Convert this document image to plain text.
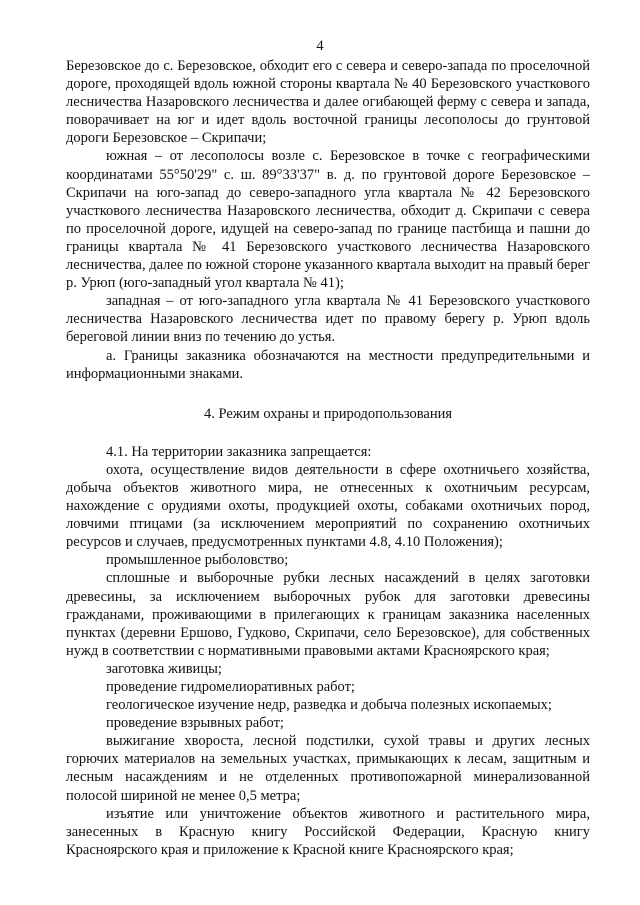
4

Березовское до с. Березовское, обходит его с севера и северо-запада по проселочной дороге, проходящей вдоль южной стороны квартала № 40 Березовского участкового лесничества Назаровского лесничества и далее огибающей ферму с севера и запада, поворачивает на юг и идет вдоль восточной границы лесополосы до грунтовой дороги Березовское – Скрипачи;

южная – от лесополосы возле с. Березовское в точке с географическими координатами 55°50'29" с. ш. 89°33'37" в. д. по грунтовой дороге Березовское – Скрипачи на юго-запад до северо-западного угла квартала № 42 Березовского участкового лесничества Назаровского лесничества, обходит д. Скрипачи с севера по проселочной дороге, идущей на северо-запад по границе пастбища и пашни до границы квартала № 41 Березовского участкового лесничества Назаровского лесничества, далее по южной стороне указанного квартала выходит на правый берег р. Урюп (юго-западный угол квартала № 41);

западная – от юго-западного угла квартала № 41 Березовского участкового лесничества Назаровского лесничества идет по правому берегу р. Урюп вдоль береговой линии вниз по течению до устья.

a. Границы заказника обозначаются на местности предупредительными и информационными знаками.

4. Режим охраны и природопользования

4.1. На территории заказника запрещается:

охота, осуществление видов деятельности в сфере охотничьего хозяйства, добыча объектов животного мира, не отнесенных к охотничьим ресурсам, нахождение с орудиями охоты, продукцией охоты, собаками охотничьих пород, ловчими птицами (за исключением мероприятий по сохранению охотничьих ресурсов и случаев, предусмотренных пунктами 4.8, 4.10 Положения);

промышленное рыболовство;

сплошные и выборочные рубки лесных насаждений в целях заготовки древесины, за исключением выборочных рубок для заготовки древесины гражданами, проживающими в прилегающих к границам заказника населенных пунктах (деревни Ершово, Гудково, Скрипачи, село Березовское), для собственных нужд в соответствии с нормативными правовыми актами Красноярского края;

заготовка живицы;

проведение гидромелиоративных работ;

геологическое изучение недр, разведка и добыча полезных ископаемых;

проведение взрывных работ;

выжигание хвороста, лесной подстилки, сухой травы и других лесных горючих материалов на земельных участках, примыкающих к лесам, защитным и лесным насаждениям и не отделенных противопожарной минерализованной полосой шириной не менее 0,5 метра;

изъятие или уничтожение объектов животного и растительного мира, занесенных в Красную книгу Российской Федерации, Красную книгу Красноярского края и приложение к Красной книге Красноярского края;
